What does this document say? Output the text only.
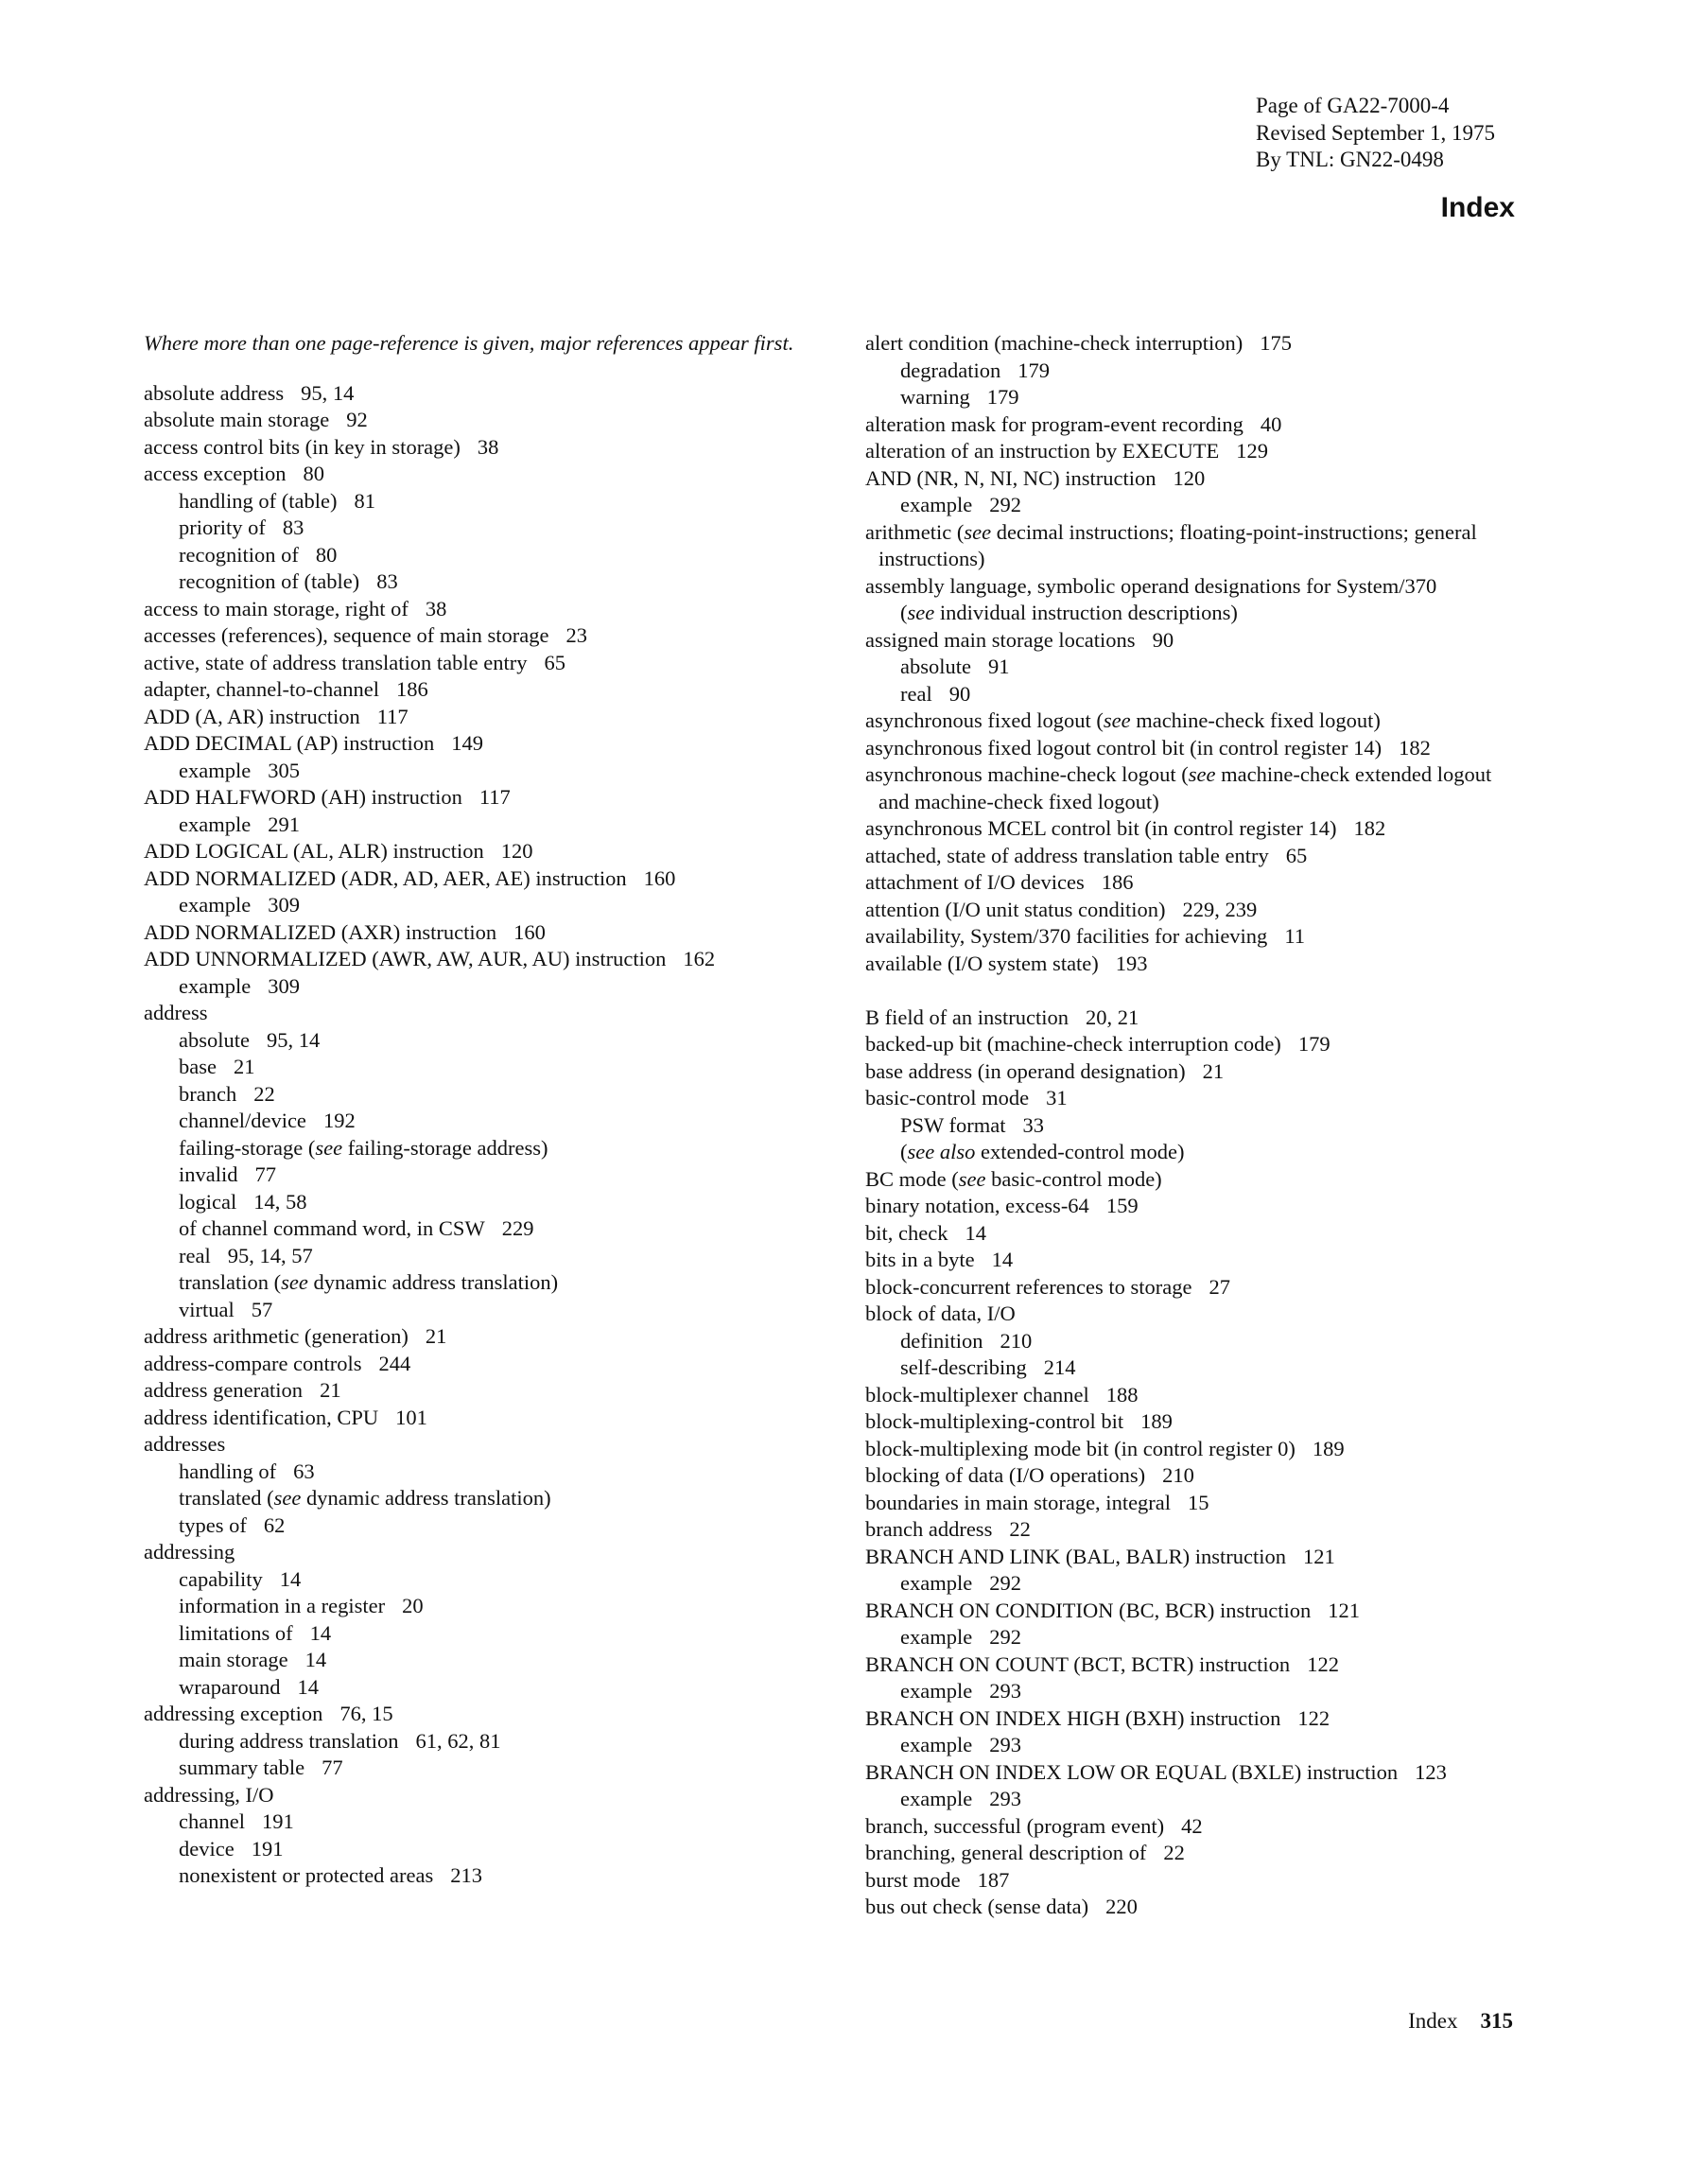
Page of GA22-7000-4
Revised September 1, 1975
By TNL: GN22-0498
Index
Where more than one page-reference is given, major references appear first.
absolute address 95, 14
absolute main storage 92
access control bits (in key in storage) 38
access exception 80
handling of (table) 81
priority of 83
recognition of 80
recognition of (table) 83
access to main storage, right of 38
accesses (references), sequence of main storage 23
active, state of address translation table entry 65
adapter, channel-to-channel 186
ADD (A, AR) instruction 117
ADD DECIMAL (AP) instruction 149
example 305
ADD HALFWORD (AH) instruction 117
example 291
ADD LOGICAL (AL, ALR) instruction 120
ADD NORMALIZED (ADR, AD, AER, AE) instruction 160
example 309
ADD NORMALIZED (AXR) instruction 160
ADD UNNORMALIZED (AWR, AW, AUR, AU) instruction 162
example 309
address
absolute 95, 14
base 21
branch 22
channel/device 192
failing-storage (see failing-storage address)
invalid 77
logical 14, 58
of channel command word, in CSW 229
real 95, 14, 57
translation (see dynamic address translation)
virtual 57
address arithmetic (generation) 21
address-compare controls 244
address generation 21
address identification, CPU 101
addresses
handling of 63
translated (see dynamic address translation)
types of 62
addressing
capability 14
information in a register 20
limitations of 14
main storage 14
wraparound 14
addressing exception 76, 15
during address translation 61, 62, 81
summary table 77
addressing, I/O
channel 191
device 191
nonexistent or protected areas 213
alert condition (machine-check interruption) 175
degradation 179
warning 179
alteration mask for program-event recording 40
alteration of an instruction by EXECUTE 129
AND (NR, N, NI, NC) instruction 120
example 292
arithmetic (see decimal instructions; floating-point-instructions; general instructions)
assembly language, symbolic operand designations for System/370
(see individual instruction descriptions)
assigned main storage locations 90
absolute 91
real 90
asynchronous fixed logout (see machine-check fixed logout)
asynchronous fixed logout control bit (in control register 14) 182
asynchronous machine-check logout (see machine-check extended logout and machine-check fixed logout)
asynchronous MCEL control bit (in control register 14) 182
attached, state of address translation table entry 65
attachment of I/O devices 186
attention (I/O unit status condition) 229, 239
availability, System/370 facilities for achieving 11
available (I/O system state) 193
B field of an instruction 20, 21
backed-up bit (machine-check interruption code) 179
base address (in operand designation) 21
basic-control mode 31
PSW format 33
(see also extended-control mode)
BC mode (see basic-control mode)
binary notation, excess-64 159
bit, check 14
bits in a byte 14
block-concurrent references to storage 27
block of data, I/O
definition 210
self-describing 214
block-multiplexer channel 188
block-multiplexing-control bit 189
block-multiplexing mode bit (in control register 0) 189
blocking of data (I/O operations) 210
boundaries in main storage, integral 15
branch address 22
BRANCH AND LINK (BAL, BALR) instruction 121
example 292
BRANCH ON CONDITION (BC, BCR) instruction 121
example 292
BRANCH ON COUNT (BCT, BCTR) instruction 122
example 293
BRANCH ON INDEX HIGH (BXH) instruction 122
example 293
BRANCH ON INDEX LOW OR EQUAL (BXLE) instruction 123
example 293
branch, successful (program event) 42
branching, general description of 22
burst mode 187
bus out check (sense data) 220
Index 315
